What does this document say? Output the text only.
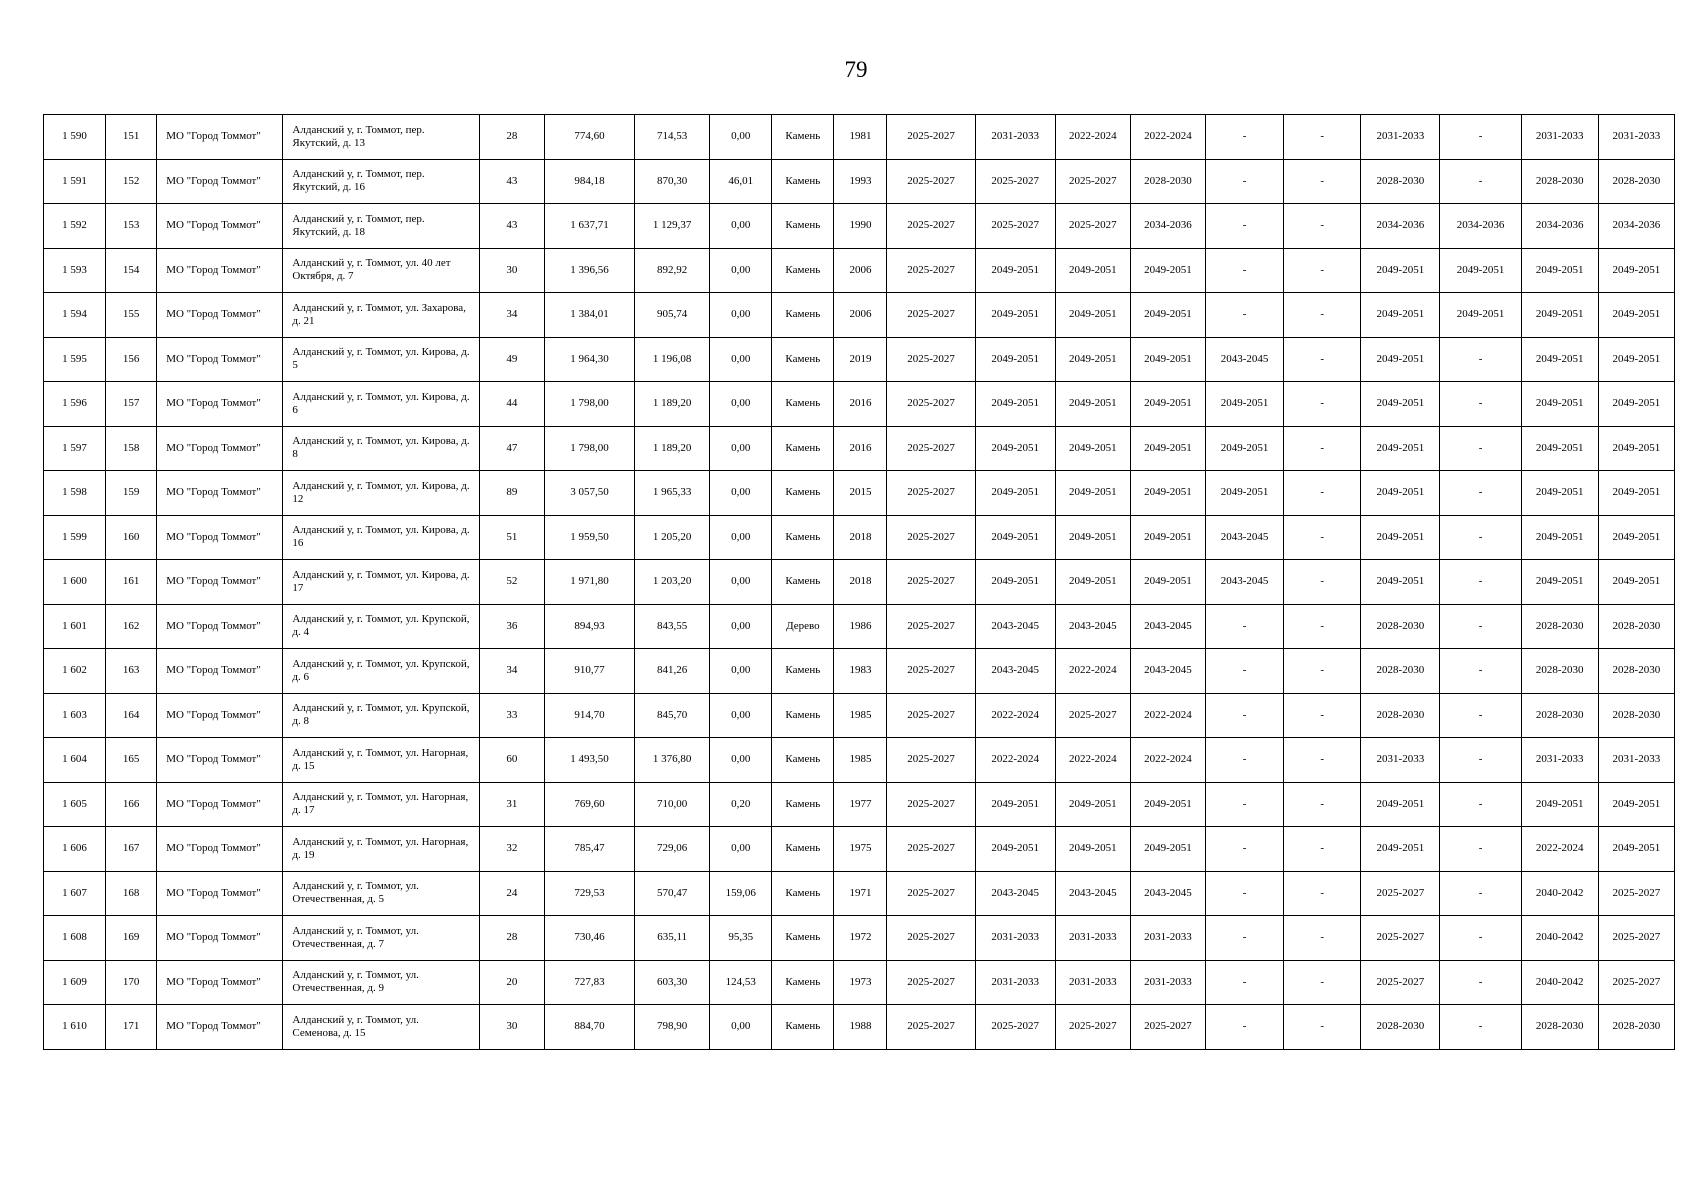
79
1 590	151	МО "Город Томмот"	Алданский у, г. Томмот, пер. Якутский, д. 13	28	774,60	714,53	0,00	Камень	1981	2025-2027	2031-2033	2022-2024	2022-2024	-	-	2031-2033	-	2031-2033	2031-2033
1 591	152	МО "Город Томмот"	Алданский у, г. Томмот, пер. Якутский, д. 16	43	984,18	870,30	46,01	Камень	1993	2025-2027	2025-2027	2025-2027	2028-2030	-	-	2028-2030	-	2028-2030	2028-2030
1 592	153	МО "Город Томмот"	Алданский у, г. Томмот, пер. Якутский, д. 18	43	1 637,71	1 129,37	0,00	Камень	1990	2025-2027	2025-2027	2025-2027	2034-2036	-	-	2034-2036	2034-2036	2034-2036	2034-2036
1 593	154	МО "Город Томмот"	Алданский у, г. Томмот, ул. 40 лет Октября, д. 7	30	1 396,56	892,92	0,00	Камень	2006	2025-2027	2049-2051	2049-2051	2049-2051	-	-	2049-2051	2049-2051	2049-2051	2049-2051
1 594	155	МО "Город Томмот"	Алданский у, г. Томмот, ул. Захарова, д. 21	34	1 384,01	905,74	0,00	Камень	2006	2025-2027	2049-2051	2049-2051	2049-2051	-	-	2049-2051	2049-2051	2049-2051	2049-2051
1 595	156	МО "Город Томмот"	Алданский у, г. Томмот, ул. Кирова, д. 5	49	1 964,30	1 196,08	0,00	Камень	2019	2025-2027	2049-2051	2049-2051	2049-2051	2043-2045	-	2049-2051	-	2049-2051	2049-2051
1 596	157	МО "Город Томмот"	Алданский у, г. Томмот, ул. Кирова, д. 6	44	1 798,00	1 189,20	0,00	Камень	2016	2025-2027	2049-2051	2049-2051	2049-2051	2049-2051	-	2049-2051	-	2049-2051	2049-2051
1 597	158	МО "Город Томмот"	Алданский у, г. Томмот, ул. Кирова, д. 8	47	1 798,00	1 189,20	0,00	Камень	2016	2025-2027	2049-2051	2049-2051	2049-2051	2049-2051	-	2049-2051	-	2049-2051	2049-2051
1 598	159	МО "Город Томмот"	Алданский у, г. Томмот, ул. Кирова, д. 12	89	3 057,50	1 965,33	0,00	Камень	2015	2025-2027	2049-2051	2049-2051	2049-2051	2049-2051	-	2049-2051	-	2049-2051	2049-2051
1 599	160	МО "Город Томмот"	Алданский у, г. Томмот, ул. Кирова, д. 16	51	1 959,50	1 205,20	0,00	Камень	2018	2025-2027	2049-2051	2049-2051	2049-2051	2043-2045	-	2049-2051	-	2049-2051	2049-2051
1 600	161	МО "Город Томмот"	Алданский у, г. Томмот, ул. Кирова, д. 17	52	1 971,80	1 203,20	0,00	Камень	2018	2025-2027	2049-2051	2049-2051	2049-2051	2043-2045	-	2049-2051	-	2049-2051	2049-2051
1 601	162	МО "Город Томмот"	Алданский у, г. Томмот, ул. Крупской, д. 4	36	894,93	843,55	0,00	Дерево	1986	2025-2027	2043-2045	2043-2045	2043-2045	-	-	2028-2030	-	2028-2030	2028-2030
1 602	163	МО "Город Томмот"	Алданский у, г. Томмот, ул. Крупской, д. 6	34	910,77	841,26	0,00	Камень	1983	2025-2027	2043-2045	2022-2024	2043-2045	-	-	2028-2030	-	2028-2030	2028-2030
1 603	164	МО "Город Томмот"	Алданский у, г. Томмот, ул. Крупской, д. 8	33	914,70	845,70	0,00	Камень	1985	2025-2027	2022-2024	2025-2027	2022-2024	-	-	2028-2030	-	2028-2030	2028-2030
1 604	165	МО "Город Томмот"	Алданский у, г. Томмот, ул. Нагорная, д. 15	60	1 493,50	1 376,80	0,00	Камень	1985	2025-2027	2022-2024	2022-2024	2022-2024	-	-	2031-2033	-	2031-2033	2031-2033
1 605	166	МО "Город Томмот"	Алданский у, г. Томмот, ул. Нагорная, д. 17	31	769,60	710,00	0,20	Камень	1977	2025-2027	2049-2051	2049-2051	2049-2051	-	-	2049-2051	-	2049-2051	2049-2051
1 606	167	МО "Город Томмот"	Алданский у, г. Томмот, ул. Нагорная, д. 19	32	785,47	729,06	0,00	Камень	1975	2025-2027	2049-2051	2049-2051	2049-2051	-	-	2049-2051	-	2022-2024	2049-2051
1 607	168	МО "Город Томмот"	Алданский у, г. Томмот, ул. Отечественная, д. 5	24	729,53	570,47	159,06	Камень	1971	2025-2027	2043-2045	2043-2045	2043-2045	-	-	2025-2027	-	2040-2042	2025-2027
1 608	169	МО "Город Томмот"	Алданский у, г. Томмот, ул. Отечественная, д. 7	28	730,46	635,11	95,35	Камень	1972	2025-2027	2031-2033	2031-2033	2031-2033	-	-	2025-2027	-	2040-2042	2025-2027
1 609	170	МО "Город Томмот"	Алданский у, г. Томмот, ул. Отечественная, д. 9	20	727,83	603,30	124,53	Камень	1973	2025-2027	2031-2033	2031-2033	2031-2033	-	-	2025-2027	-	2040-2042	2025-2027
1 610	171	МО "Город Томмот"	Алданский у, г. Томмот, ул. Семенова, д. 15	30	884,70	798,90	0,00	Камень	1988	2025-2027	2025-2027	2025-2027	2025-2027	-	-	2028-2030	-	2028-2030	2028-2030
